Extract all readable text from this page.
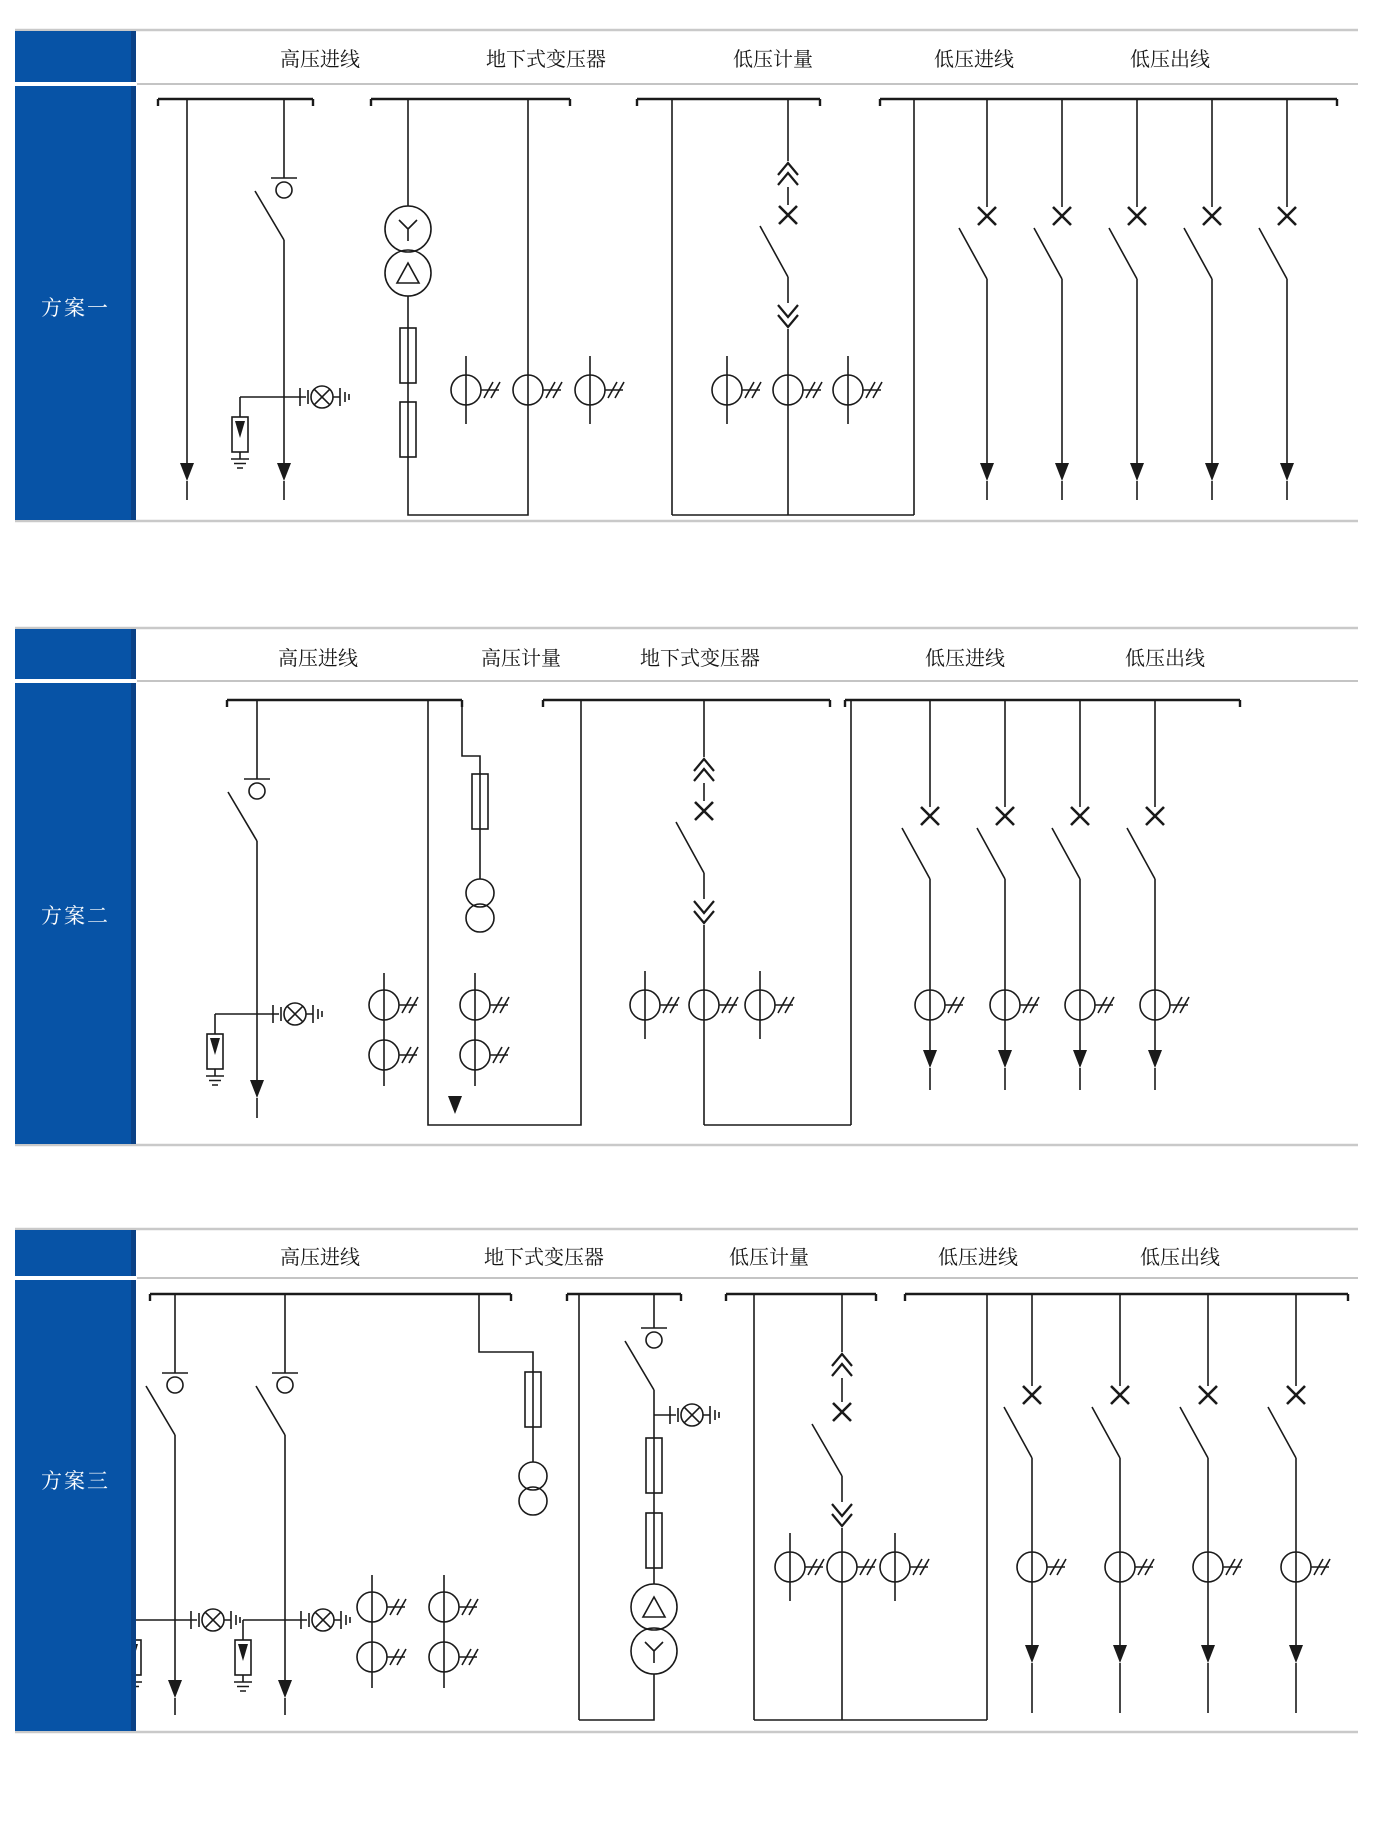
方案一
高压进线	地下式变压器	低压计量	低压进线	低压出线
方案二
高压进线	高压计量	地下式变压器	低压进线	低压出线
方案三
高压进线	地下式变压器	低压计量	低压进线	低压出线
